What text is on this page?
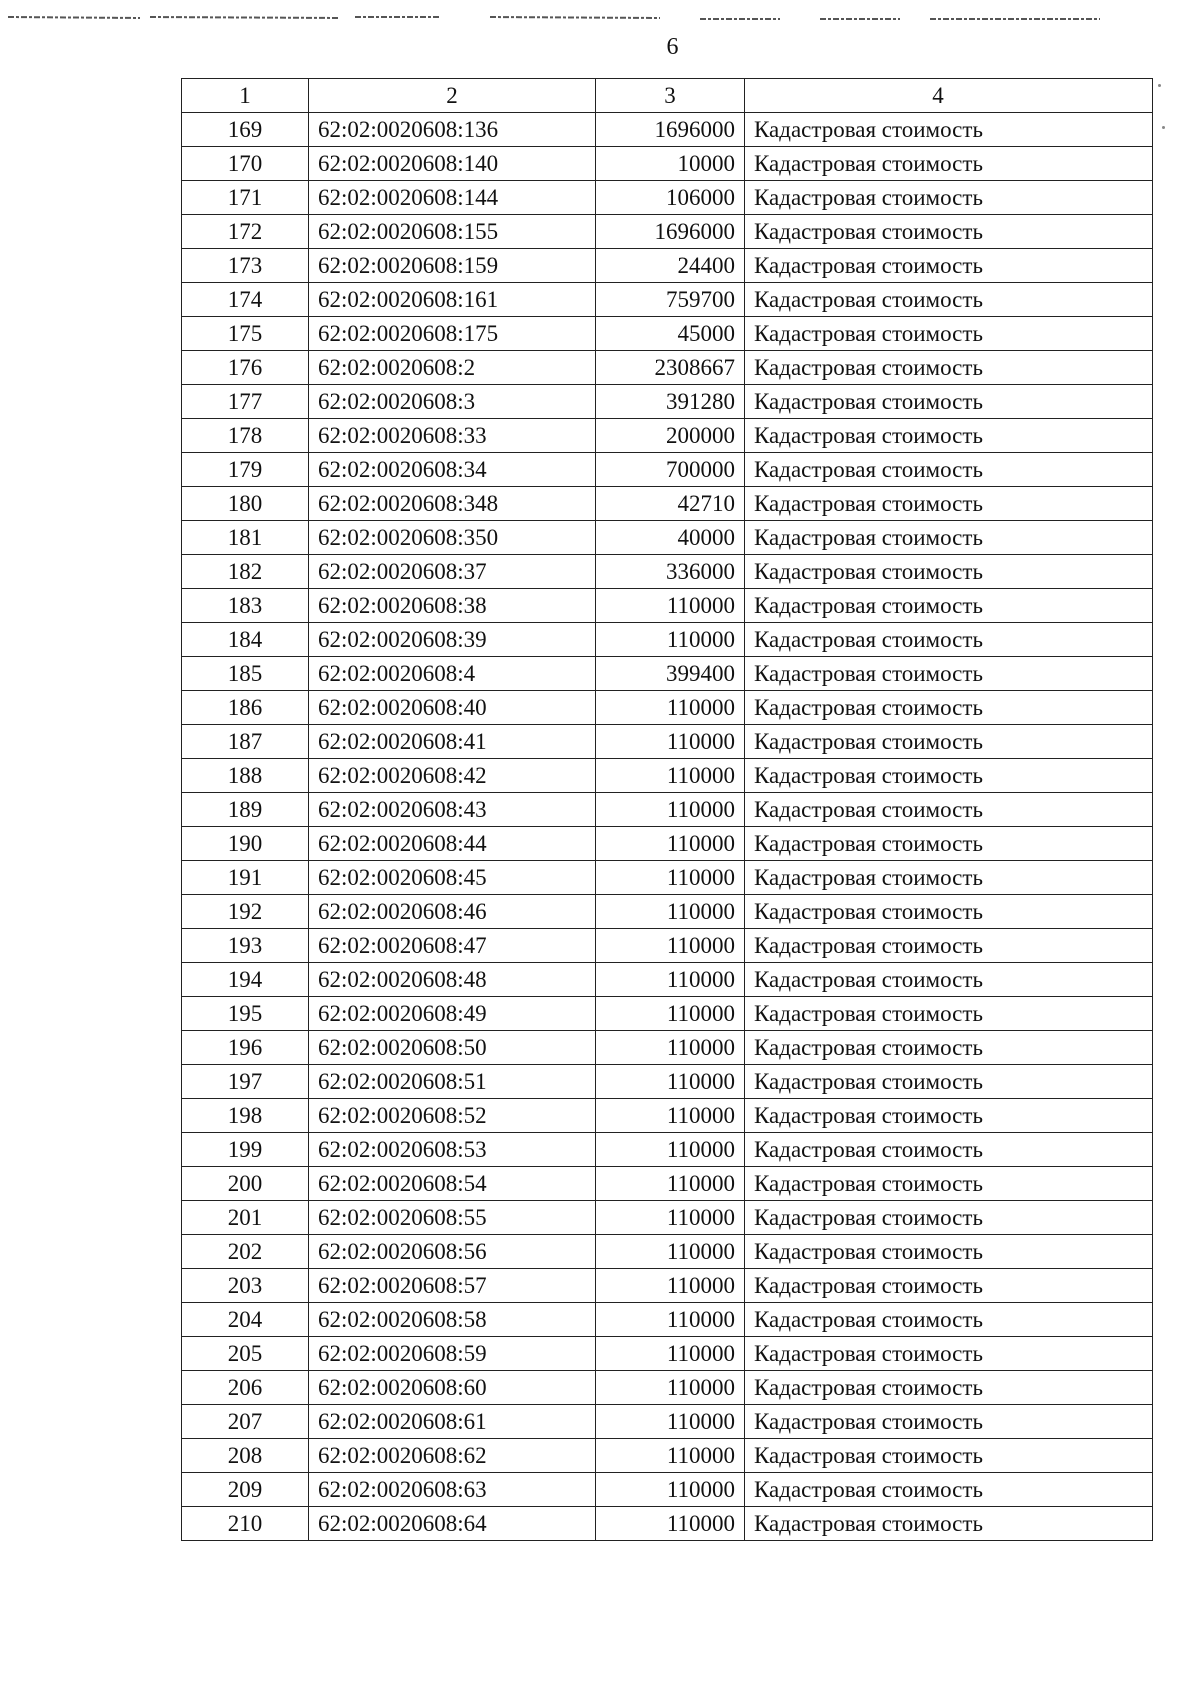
6
1	2	3	4
169	62:02:0020608:136	1696000	Кадастровая стоимость
170	62:02:0020608:140	10000	Кадастровая стоимость
171	62:02:0020608:144	106000	Кадастровая стоимость
172	62:02:0020608:155	1696000	Кадастровая стоимость
173	62:02:0020608:159	24400	Кадастровая стоимость
174	62:02:0020608:161	759700	Кадастровая стоимость
175	62:02:0020608:175	45000	Кадастровая стоимость
176	62:02:0020608:2	2308667	Кадастровая стоимость
177	62:02:0020608:3	391280	Кадастровая стоимость
178	62:02:0020608:33	200000	Кадастровая стоимость
179	62:02:0020608:34	700000	Кадастровая стоимость
180	62:02:0020608:348	42710	Кадастровая стоимость
181	62:02:0020608:350	40000	Кадастровая стоимость
182	62:02:0020608:37	336000	Кадастровая стоимость
183	62:02:0020608:38	110000	Кадастровая стоимость
184	62:02:0020608:39	110000	Кадастровая стоимость
185	62:02:0020608:4	399400	Кадастровая стоимость
186	62:02:0020608:40	110000	Кадастровая стоимость
187	62:02:0020608:41	110000	Кадастровая стоимость
188	62:02:0020608:42	110000	Кадастровая стоимость
189	62:02:0020608:43	110000	Кадастровая стоимость
190	62:02:0020608:44	110000	Кадастровая стоимость
191	62:02:0020608:45	110000	Кадастровая стоимость
192	62:02:0020608:46	110000	Кадастровая стоимость
193	62:02:0020608:47	110000	Кадастровая стоимость
194	62:02:0020608:48	110000	Кадастровая стоимость
195	62:02:0020608:49	110000	Кадастровая стоимость
196	62:02:0020608:50	110000	Кадастровая стоимость
197	62:02:0020608:51	110000	Кадастровая стоимость
198	62:02:0020608:52	110000	Кадастровая стоимость
199	62:02:0020608:53	110000	Кадастровая стоимость
200	62:02:0020608:54	110000	Кадастровая стоимость
201	62:02:0020608:55	110000	Кадастровая стоимость
202	62:02:0020608:56	110000	Кадастровая стоимость
203	62:02:0020608:57	110000	Кадастровая стоимость
204	62:02:0020608:58	110000	Кадастровая стоимость
205	62:02:0020608:59	110000	Кадастровая стоимость
206	62:02:0020608:60	110000	Кадастровая стоимость
207	62:02:0020608:61	110000	Кадастровая стоимость
208	62:02:0020608:62	110000	Кадастровая стоимость
209	62:02:0020608:63	110000	Кадастровая стоимость
210	62:02:0020608:64	110000	Кадастровая стоимость
